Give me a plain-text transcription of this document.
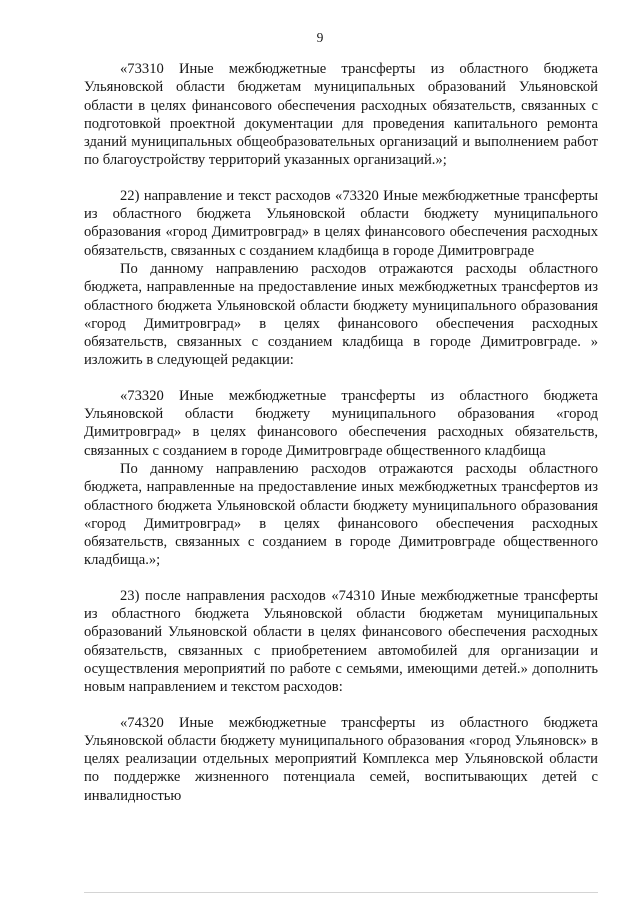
9

«73310 Иные межбюджетные трансферты из областного бюджета Ульяновской области бюджетам муниципальных образований Ульяновской области в целях финансового обеспечения расходных обязательств, связанных с подготовкой проектной документации для проведения капитального ремонта зданий муниципальных общеобразовательных организаций и выполнением работ по благоустройству территорий указанных организаций.»;

22) направление и текст расходов «73320 Иные межбюджетные трансферты из областного бюджета Ульяновской области бюджету муниципального образования «город Димитровград» в целях финансового обеспечения расходных обязательств, связанных с созданием кладбища в городе Димитровграде

По данному направлению расходов отражаются расходы областного бюджета, направленные на предоставление иных межбюджетных трансфертов из областного бюджета Ульяновской области бюджету муниципального образования «город Димитровград» в целях финансового обеспечения расходных обязательств, связанных с созданием кладбища в городе Димитровграде. » изложить в следующей редакции:

«73320 Иные межбюджетные трансферты из областного бюджета Ульяновской области бюджету муниципального образования «город Димитровград» в целях финансового обеспечения расходных обязательств, связанных с созданием в городе Димитровграде общественного кладбища

По данному направлению расходов отражаются расходы областного бюджета, направленные на предоставление иных межбюджетных трансфертов из областного бюджета Ульяновской области бюджету муниципального образования «город Димитровград» в целях финансового обеспечения расходных обязательств, связанных с созданием в городе Димитровграде общественного кладбища.»;

23) после направления расходов «74310 Иные межбюджетные трансферты из областного бюджета Ульяновской области бюджетам муниципальных образований Ульяновской области в целях финансового обеспечения расходных обязательств, связанных с приобретением автомобилей для организации и осуществления мероприятий по работе с семьями, имеющими детей.» дополнить новым направлением и текстом расходов:

«74320 Иные межбюджетные трансферты из областного бюджета Ульяновской области бюджету муниципального образования «город Ульяновск» в целях реализации отдельных мероприятий Комплекса мер Ульяновской области по поддержке жизненного потенциала семей, воспитывающих детей с инвалидностью
